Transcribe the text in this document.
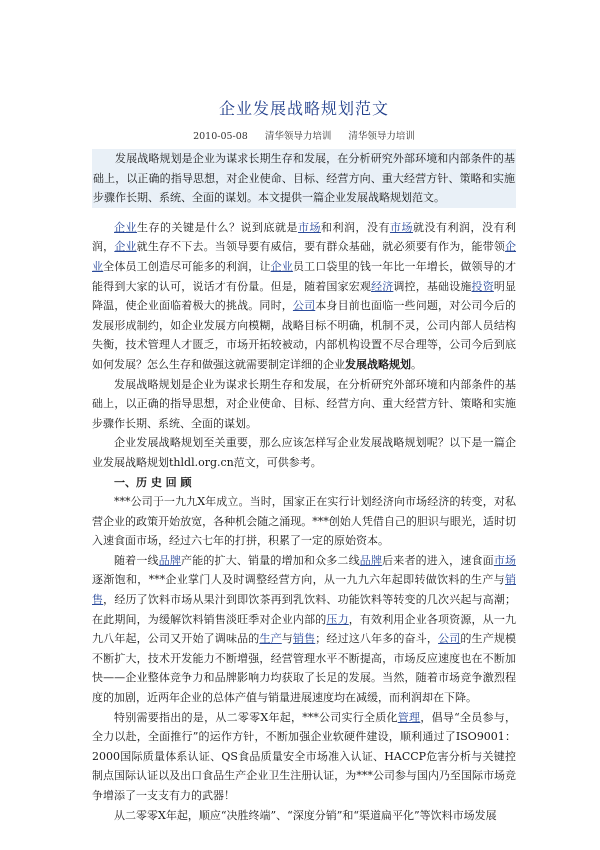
企业发展战略规划范文
2010-05-08 清华领导力培训 清华领导力培训

发展战略规划是企业为谋求长期生存和发展，在分析研究外部环境和内部条件的基础上，以正确的指导思想，对企业使命、目标、经营方向、重大经营方针、策略和实施步骤作长期、系统、全面的谋划。本文提供一篇企业发展战略规划范文。

企业生存的关键是什么？说到底就是市场和利润，没有市场就没有利润，没有利润，企业就生存不下去。当领导要有威信，要有群众基础，就必须要有作为，能带领企业全体员工创造尽可能多的利润，让企业员工口袋里的钱一年比一年增长，做领导的才能得到大家的认可，说话才有份量。但是，随着国家宏观经济调控，基础设施投资明显降温，使企业面临着极大的挑战。同时，公司本身目前也面临一些问题，对公司今后的发展形成制约，如企业发展方向模糊，战略目标不明确，机制不灵，公司内部人员结构失衡，技术管理人才匮乏，市场开拓较被动，内部机构设置不尽合理等，公司今后到底如何发展？怎么生存和做强这就需要制定详细的企业发展战略规划。

发展战略规划是企业为谋求长期生存和发展，在分析研究外部环境和内部条件的基础上，以正确的指导思想，对企业使命、目标、经营方向、重大经营方针、策略和实施步骤作长期、系统、全面的谋划。

企业发展战略规划至关重要，那么应该怎样写企业发展战略规划呢？以下是一篇企业发展战略规划thldl.org.cn范文，可供参考。

一、历 史 回 顾

***公司于一九九X年成立。当时，国家正在实行计划经济向市场经济的转变，对私营企业的政策开始放宽，各种机会随之涌现。***创始人凭借自己的胆识与眼光，适时切入速食面市场，经过六七年的打拼，积累了一定的原始资本。

随着一线品牌产能的扩大、销量的增加和众多二线品牌后来者的进入，速食面市场逐渐饱和，***企业掌门人及时调整经营方向，从一九九六年起即转做饮料的生产与销售，经历了饮料市场从果汁到即饮茶再到乳饮料、功能饮料等转变的几次兴起与高潮；在此期间，为缓解饮料销售淡旺季对企业内部的压力，有效利用企业各项资源，从一九九八年起，公司又开始了调味品的生产与销售；经过这八年多的奋斗，公司的生产规模不断扩大，技术开发能力不断增强，经营管理水平不断提高，市场反应速度也在不断加快——企业整体竞争力和品牌影响力均获取了长足的发展。当然，随着市场竞争激烈程度的加剧，近两年企业的总体产值与销量进展速度均在减缓，而利润却在下降。

特别需要指出的是，从二零零X年起，***公司实行全质化管理，倡导“全员参与，全力以赴，全面推行”的运作方针，不断加强企业软硬件建设，顺利通过了ISO9001：2000国际质量体系认证、QS食品质量安全市场准入认证、HACCP危害分析与关键控制点国际认证以及出口食品生产企业卫生注册认证，为***公司参与国内乃至国际市场竞争增添了一支支有力的武器！

从二零零X年起，顺应“决胜终端”、“深度分销”和“渠道扁平化”等饮料市场发展
